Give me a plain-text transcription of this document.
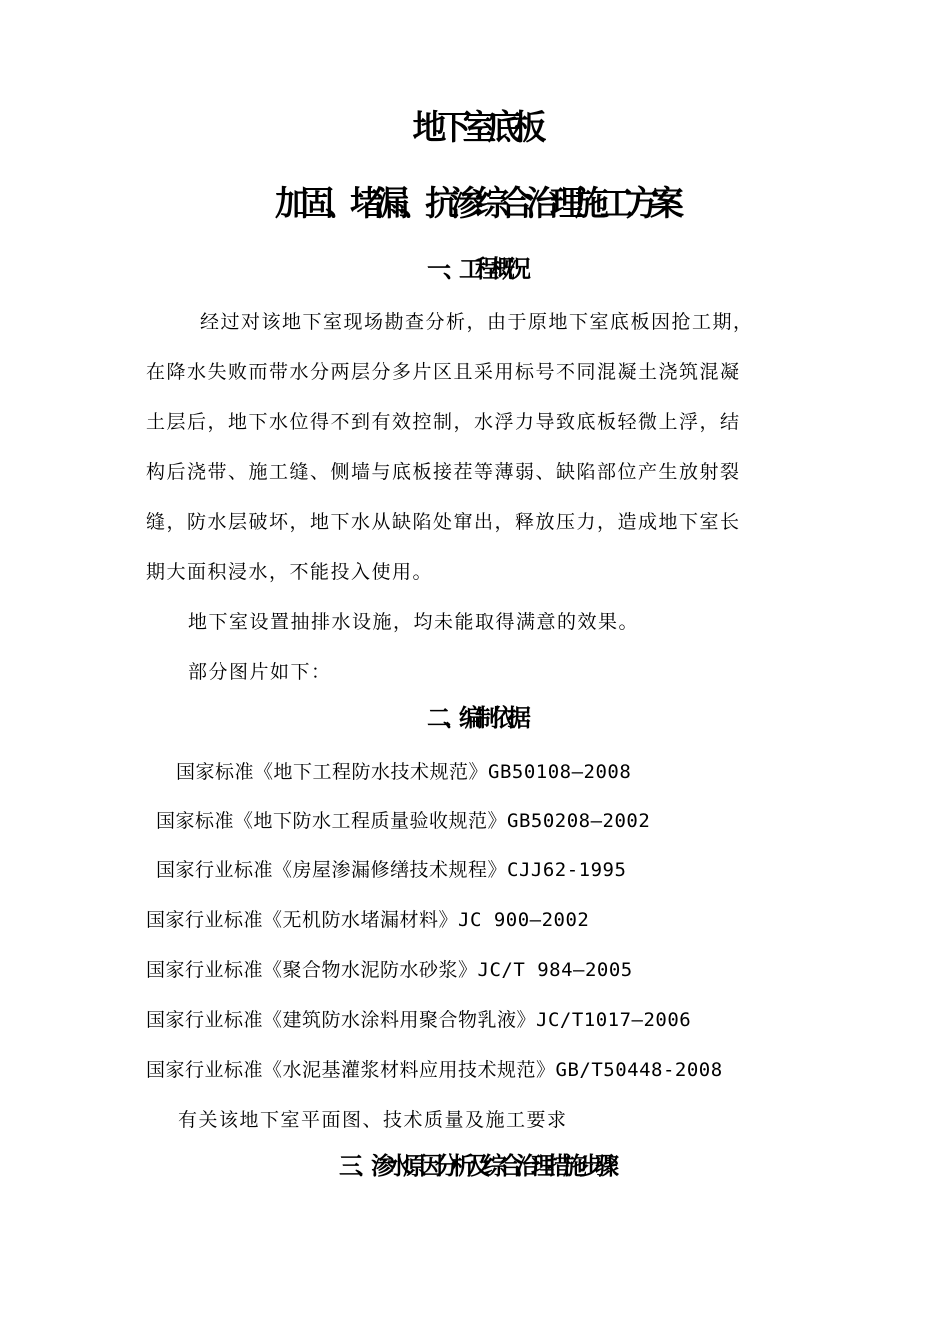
地下室底板
加固、堵漏、抗渗综合治理施工方案
一、工程概况

经过对该地下室现场勘查分析，由于原地下室底板因抢工期，

在降水失败而带水分两层分多片区且采用标号不同混凝土浇筑混凝

土层后，地下水位得不到有效控制，水浮力导致底板轻微上浮，结

构后浇带、施工缝、侧墙与底板接茬等薄弱、缺陷部位产生放射裂

缝，防水层破坏，地下水从缺陷处窜出，释放压力，造成地下室长

期大面积浸水，不能投入使用。

地下室设置抽排水设施，均未能取得满意的效果。

部分图片如下：

二、编制依据

国家标准《地下工程防水技术规范》GB50108—2008

国家标准《地下防水工程质量验收规范》GB50208—2002

国家行业标准《房屋渗漏修缮技术规程》CJJ62-1995

国家行业标准《无机防水堵漏材料》JC 900—2002

国家行业标准《聚合物水泥防水砂浆》JC/T 984—2005

国家行业标准《建筑防水涂料用聚合物乳液》JC/T1017—2006

国家行业标准《水泥基灌浆材料应用技术规范》GB/T50448-2008

有关该地下室平面图、技术质量及施工要求

三、渗水原因分析及综合治理措施步骤
